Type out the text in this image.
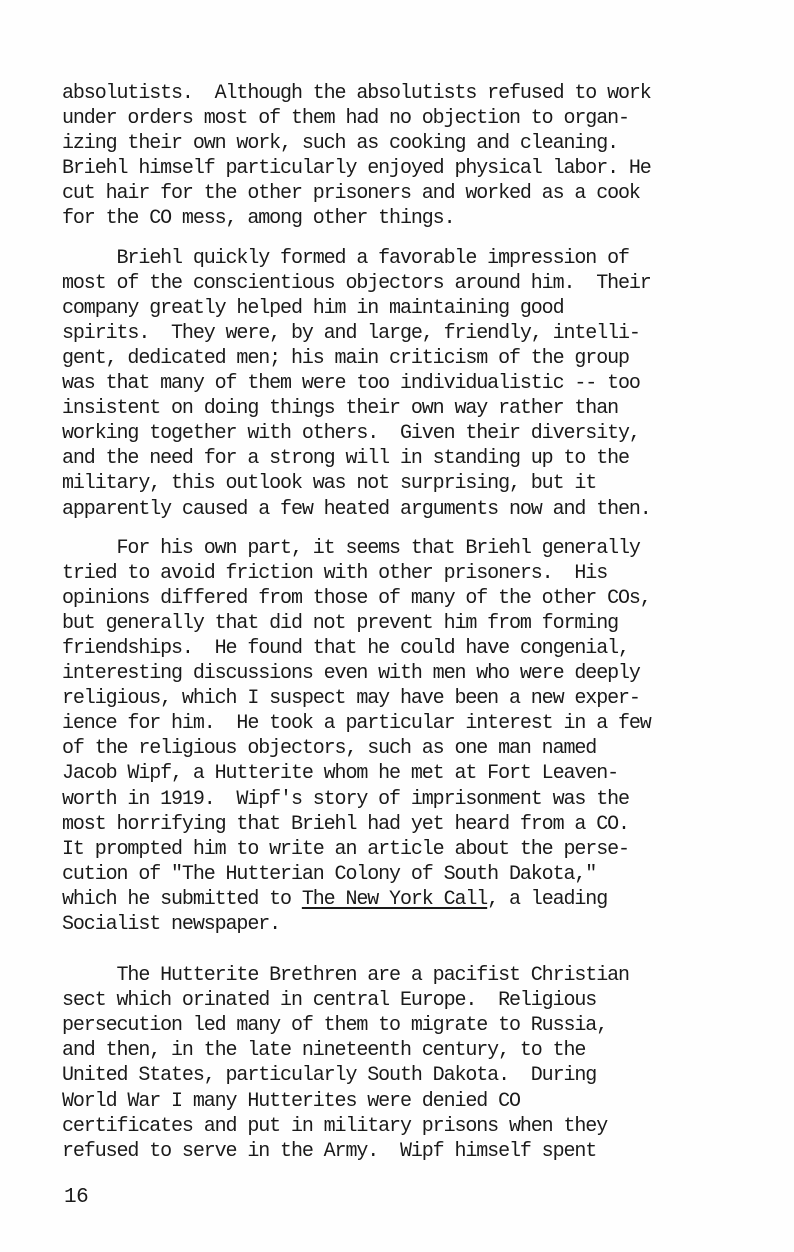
absolutists.  Although the absolutists refused to work
under orders most of them had no objection to organ-
izing their own work, such as cooking and cleaning.
Briehl himself particularly enjoyed physical labor. He
cut hair for the other prisoners and worked as a cook
for the CO mess, among other things.
Briehl quickly formed a favorable impression of
most of the conscientious objectors around him.  Their
company greatly helped him in maintaining good
spirits.  They were, by and large, friendly, intelli-
gent, dedicated men; his main criticism of the group
was that many of them were too individualistic -- too
insistent on doing things their own way rather than
working together with others.  Given their diversity,
and the need for a strong will in standing up to the
military, this outlook was not surprising, but it
apparently caused a few heated arguments now and then.
For his own part, it seems that Briehl generally
tried to avoid friction with other prisoners.  His
opinions differed from those of many of the other COs,
but generally that did not prevent him from forming
friendships.  He found that he could have congenial,
interesting discussions even with men who were deeply
religious, which I suspect may have been a new exper-
ience for him.  He took a particular interest in a few
of the religious objectors, such as one man named
Jacob Wipf, a Hutterite whom he met at Fort Leaven-
worth in 1919.  Wipf's story of imprisonment was the
most horrifying that Briehl had yet heard from a CO.
It prompted him to write an article about the perse-
cution of "The Hutterian Colony of South Dakota,"
which he submitted to The New York Call, a leading
Socialist newspaper.
The Hutterite Brethren are a pacifist Christian
sect which orinated in central Europe.  Religious
persecution led many of them to migrate to Russia,
and then, in the late nineteenth century, to the
United States, particularly South Dakota.  During
World War I many Hutterites were denied CO
certificates and put in military prisons when they
refused to serve in the Army.  Wipf himself spent
16
